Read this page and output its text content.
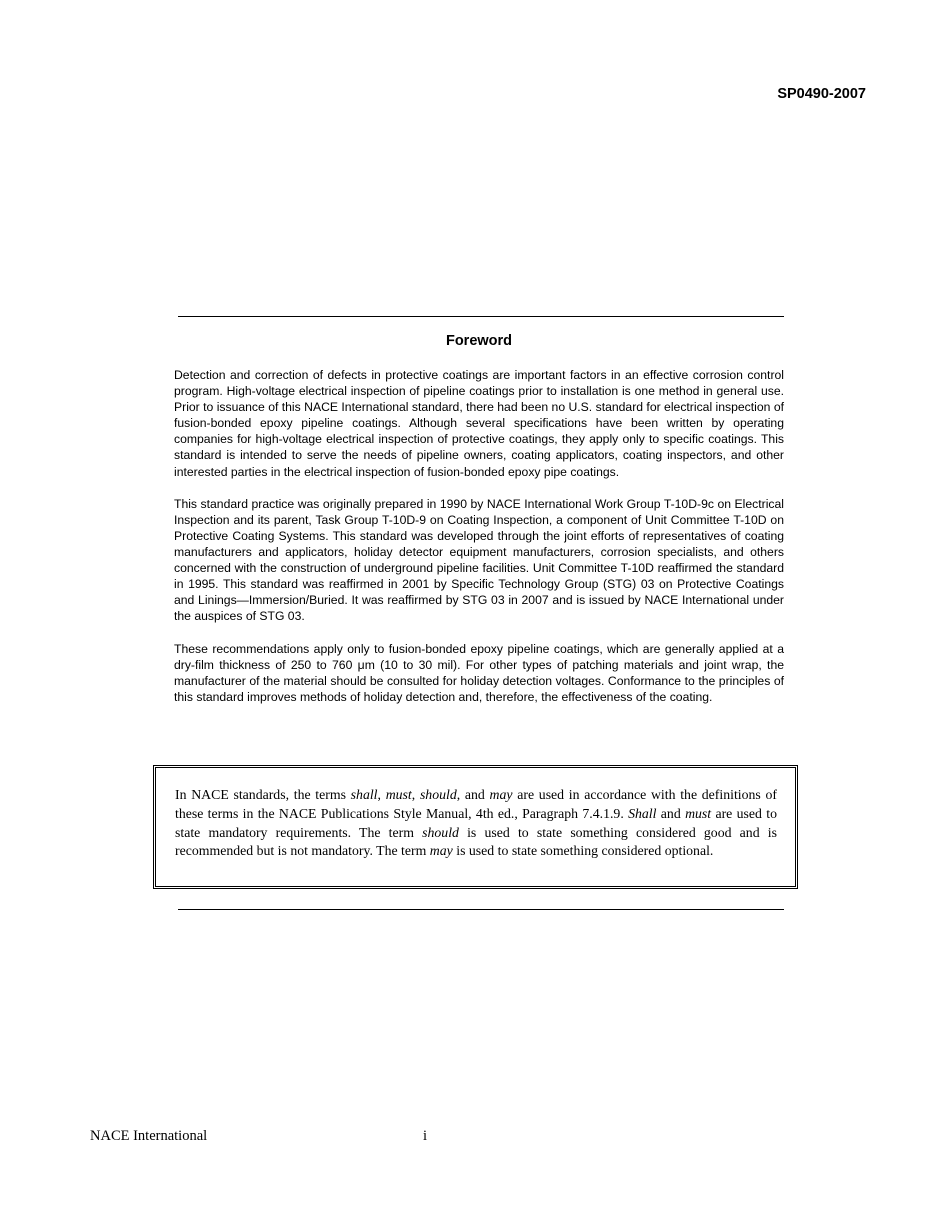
SP0490-2007
Foreword

Detection and correction of defects in protective coatings are important factors in an effective corrosion control program. High-voltage electrical inspection of pipeline coatings prior to installation is one method in general use. Prior to issuance of this NACE International standard, there had been no U.S. standard for electrical inspection of fusion-bonded epoxy pipeline coatings. Although several specifications have been written by operating companies for high-voltage electrical inspection of protective coatings, they apply only to specific coatings. This standard is intended to serve the needs of pipeline owners, coating applicators, coating inspectors, and other interested parties in the electrical inspection of fusion-bonded epoxy pipe coatings.

This standard practice was originally prepared in 1990 by NACE International Work Group T-10D-9c on Electrical Inspection and its parent, Task Group T-10D-9 on Coating Inspection, a component of Unit Committee T-10D on Protective Coating Systems. This standard was developed through the joint efforts of representatives of coating manufacturers and applicators, holiday detector equipment manufacturers, corrosion specialists, and others concerned with the construction of underground pipeline facilities. Unit Committee T-10D reaffirmed the standard in 1995. This standard was reaffirmed in 2001 by Specific Technology Group (STG) 03 on Protective Coatings and Linings—Immersion/Buried. It was reaffirmed by STG 03 in 2007 and is issued by NACE International under the auspices of STG 03.

These recommendations apply only to fusion-bonded epoxy pipeline coatings, which are generally applied at a dry-film thickness of 250 to 760 μm (10 to 30 mil). For other types of patching materials and joint wrap, the manufacturer of the material should be consulted for holiday detection voltages. Conformance to the principles of this standard improves methods of holiday detection and, therefore, the effectiveness of the coating.

In NACE standards, the terms shall, must, should, and may are used in accordance with the definitions of these terms in the NACE Publications Style Manual, 4th ed., Paragraph 7.4.1.9. Shall and must are used to state mandatory requirements. The term should is used to state something considered good and is recommended but is not mandatory. The term may is used to state something considered optional.
NACE International	i
